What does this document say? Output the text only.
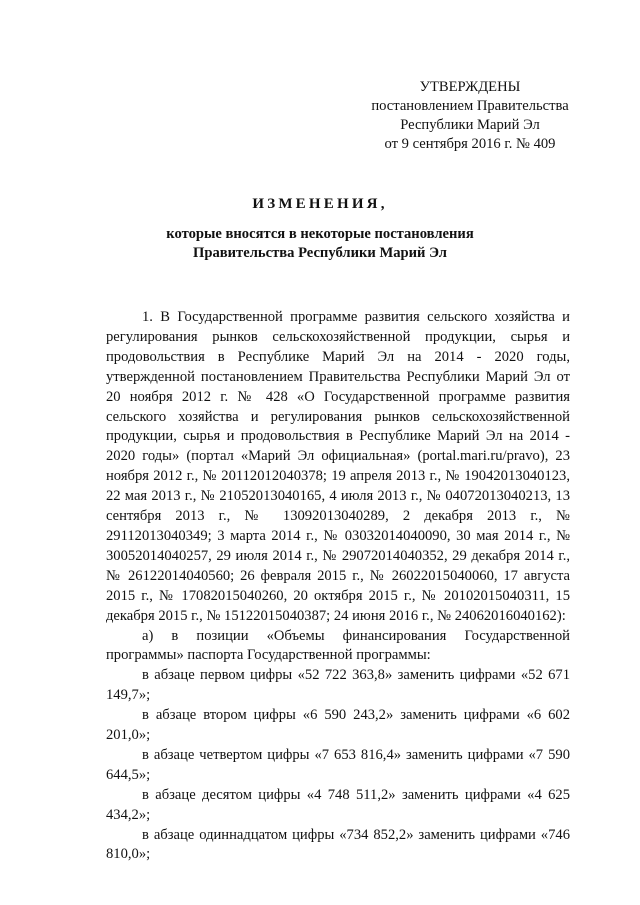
УТВЕРЖДЕНЫ
постановлением Правительства
Республики Марий Эл
от 9 сентября 2016 г. № 409
ИЗМЕНЕНИЯ,
которые вносятся в некоторые постановления
Правительства Республики Марий Эл

1. В Государственной программе развития сельского хозяйства и регулирования рынков сельскохозяйственной продукции, сырья и продовольствия в Республике Марий Эл на 2014 - 2020 годы, утвержденной постановлением Правительства Республики Марий Эл от 20 ноября 2012 г. № 428 «О Государственной программе развития сельского хозяйства и регулирования рынков сельскохозяйственной продукции, сырья и продовольствия в Республике Марий Эл на 2014 - 2020 годы» (портал «Марий Эл официальная» (portal.mari.ru/pravo), 23 ноября 2012 г., № 20112012040378; 19 апреля 2013 г., № 19042013040123, 22 мая 2013 г., № 21052013040165, 4 июля 2013 г., № 04072013040213, 13 сентября 2013 г., № 13092013040289, 2 декабря 2013 г., № 29112013040349; 3 марта 2014 г., № 03032014040090, 30 мая 2014 г., № 30052014040257, 29 июля 2014 г., № 29072014040352, 29 декабря 2014 г., № 26122014040560; 26 февраля 2015 г., № 26022015040060, 17 августа 2015 г., № 17082015040260, 20 октября 2015 г., № 20102015040311, 15 декабря 2015 г., № 15122015040387; 24 июня 2016 г., № 24062016040162):

а) в позиции «Объемы финансирования Государственной программы» паспорта Государственной программы:

в абзаце первом цифры «52 722 363,8» заменить цифрами «52 671 149,7»;

в абзаце втором цифры «6 590 243,2» заменить цифрами «6 602 201,0»;

в абзаце четвертом цифры «7 653 816,4» заменить цифрами «7 590 644,5»;

в абзаце десятом цифры «4 748 511,2» заменить цифрами «4 625 434,2»;

в абзаце одиннадцатом цифры «734 852,2» заменить цифрами «746 810,0»;
